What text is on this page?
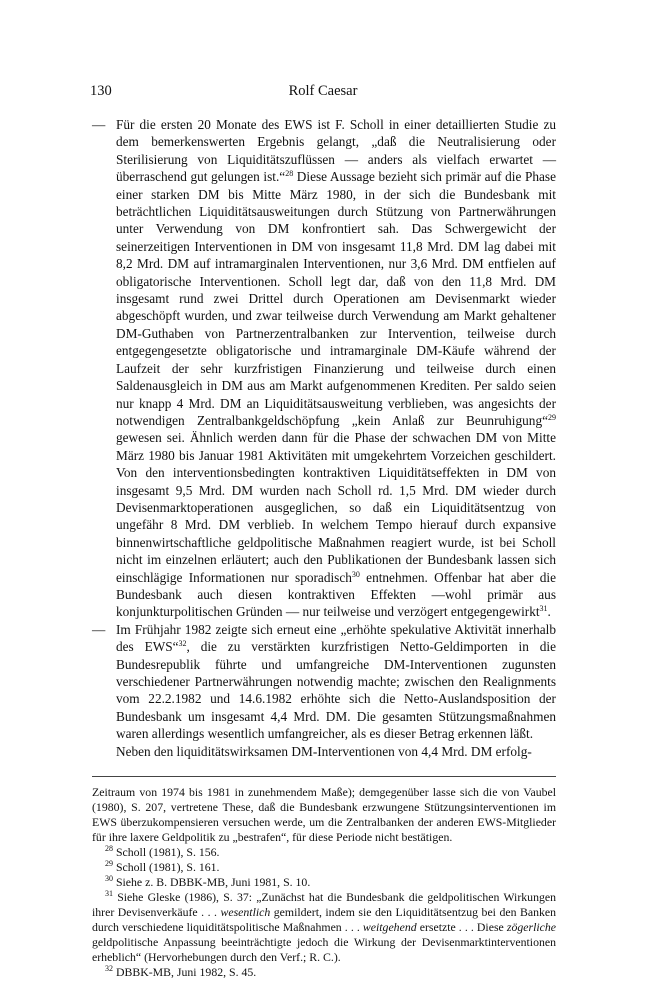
130	Rolf Caesar
— Für die ersten 20 Monate des EWS ist F. Scholl in einer detaillierten Studie zu dem bemerkenswerten Ergebnis gelangt, „daß die Neutralisierung oder Sterilisierung von Liquiditätszuflüssen — anders als vielfach erwartet — überraschend gut gelungen ist.“$^{28}$ Diese Aussage bezieht sich primär auf die Phase einer starken DM bis Mitte März 1980, in der sich die Bundesbank mit beträchtlichen Liquiditätsausweitungen durch Stützung von Partnerwährungen unter Verwendung von DM konfrontiert sah. Das Schwergewicht der seinerzeitigen Interventionen in DM von insgesamt 11,8 Mrd. DM lag dabei mit 8,2 Mrd. DM auf intramarginalen Interventionen, nur 3,6 Mrd. DM entfielen auf obligatorische Interventionen. Scholl legt dar, daß von den 11,8 Mrd. DM insgesamt rund zwei Drittel durch Operationen am Devisenmarkt wieder abgeschöpft wurden, und zwar teilweise durch Verwendung am Markt gehaltener DM-Guthaben von Partnerzentralbanken zur Intervention, teilweise durch entgegengesetzte obligatorische und intramarginale DM-Käufe während der Laufzeit der sehr kurzfristigen Finanzierung und teilweise durch einen Saldenausgleich in DM aus am Markt aufgenommenen Krediten. Per saldo seien nur knapp 4 Mrd. DM an Liquiditätsausweitung verblieben, was angesichts der notwendigen Zentralbankgeldschöpfung „kein Anlaß zur Beunruhigung“$^{29}$ gewesen sei. Ähnlich werden dann für die Phase der schwachen DM von Mitte März 1980 bis Januar 1981 Aktivitäten mit umgekehrtem Vorzeichen geschildert. Von den interventionsbedingten kontraktiven Liquiditätseffekten in DM von insgesamt 9,5 Mrd. DM wurden nach Scholl rd. 1,5 Mrd. DM wieder durch Devisenmarktoperationen ausgeglichen, so daß ein Liquiditätsentzug von ungefähr 8 Mrd. DM verblieb. In welchem Tempo hierauf durch expansive binnenwirtschaftliche geldpolitische Maßnahmen reagiert wurde, ist bei Scholl nicht im einzelnen erläutert; auch den Publikationen der Bundesbank lassen sich einschlägige Informationen nur sporadisch$^{30}$ entnehmen. Offenbar hat aber die Bundesbank auch diesen kontraktiven Effekten —wohl primär aus konjunkturpolitischen Gründen — nur teilweise und verzögert entgegengewirkt$^{31}$.

— Im Frühjahr 1982 zeigte sich erneut eine „erhöhte spekulative Aktivität innerhalb des EWS“$^{32}$, die zu verstärkten kurzfristigen Netto-Geldimporten in die Bundesrepublik führte und umfangreiche DM-Interventionen zugunsten verschiedener Partnerwährungen notwendig machte; zwischen den Realignments vom 22.2.1982 und 14.6.1982 erhöhte sich die Netto-Auslandsposition der Bundesbank um insgesamt 4,4 Mrd. DM. Die gesamten Stützungsmaßnahmen waren allerdings wesentlich umfangreicher, als es dieser Betrag erkennen läßt.

Neben den liquiditätswirksamen DM-Interventionen von 4,4 Mrd. DM erfolg-

Zeitraum von 1974 bis 1981 in zunehmendem Maße); demgegenüber lasse sich die von Vaubel (1980), S. 207, vertretene These, daß die Bundesbank erzwungene Stützungsinterventionen im EWS überzukompensieren versuchen werde, um die Zentralbanken der anderen EWS-Mitglieder für ihre laxere Geldpolitik zu „bestrafen“, für diese Periode nicht bestätigen.

$^{28}$ Scholl (1981), S. 156.

$^{29}$ Scholl (1981), S. 161.

$^{30}$ Siehe z. B. DBBK-MB, Juni 1981, S. 10.

$^{31}$ Siehe Gleske (1986), S. 37: „Zunächst hat die Bundesbank die geldpolitischen Wirkungen ihrer Devisenverkäufe . . . wesentlich gemildert, indem sie den Liquiditätsentzug bei den Banken durch verschiedene liquiditätspolitische Maßnahmen . . . weitgehend ersetzte . . . Diese zögerliche geldpolitische Anpassung beeinträchtigte jedoch die Wirkung der Devisenmarktinterventionen erheblich“ (Hervorhebungen durch den Verf.; R. C.).

$^{32}$ DBBK-MB, Juni 1982, S. 45.
